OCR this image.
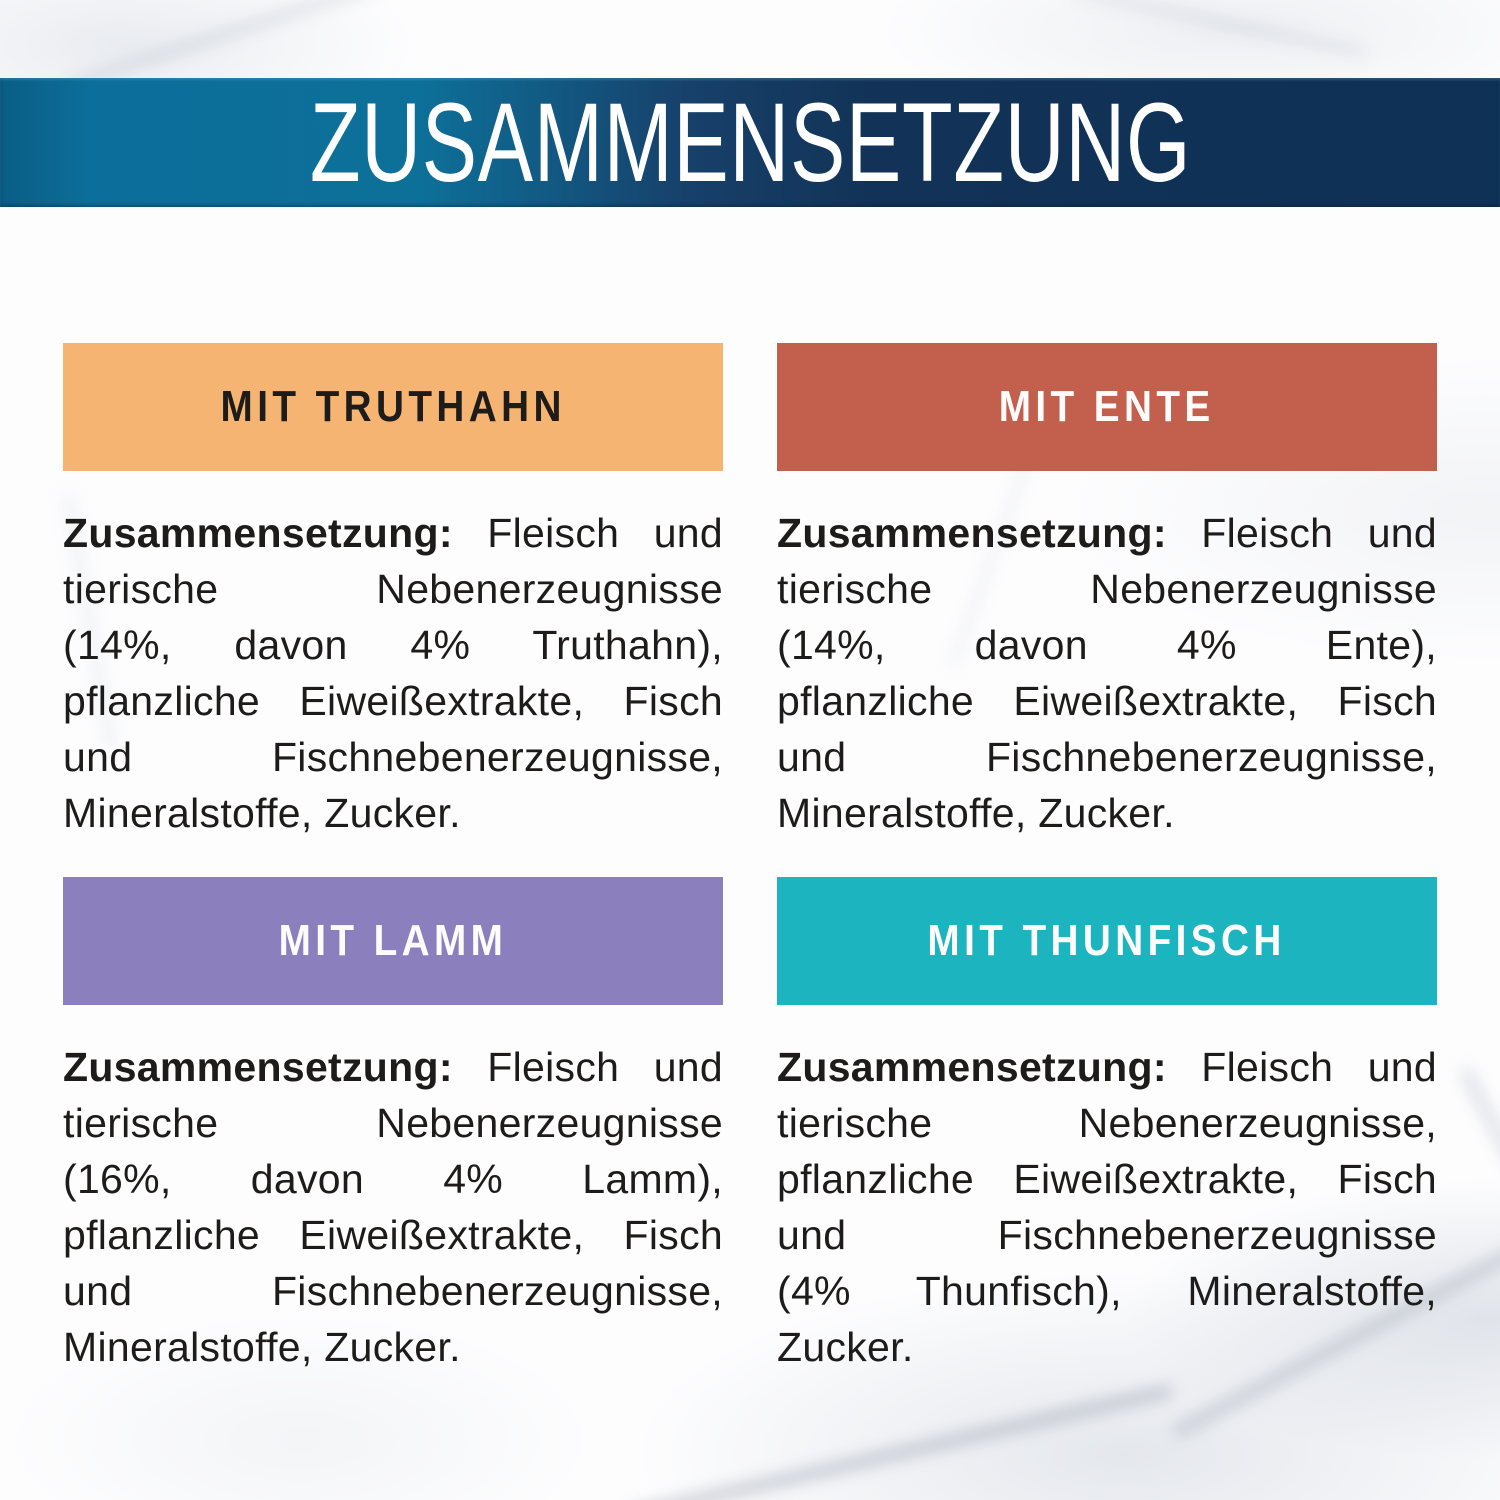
ZUSAMMENSETZUNG
MIT TRUTHAHN
Zusammensetzung: Fleisch und
tierische Nebenerzeugnisse
(14%, davon 4% Truthahn),
pflanzliche Eiweißextrakte, Fisch
und Fischnebenerzeugnisse,
Mineralstoffe, Zucker.
MIT ENTE
Zusammensetzung: Fleisch und
tierische Nebenerzeugnisse
(14%, davon 4% Ente),
pflanzliche Eiweißextrakte, Fisch
und Fischnebenerzeugnisse,
Mineralstoffe, Zucker.
MIT LAMM
Zusammensetzung: Fleisch und
tierische Nebenerzeugnisse
(16%, davon 4% Lamm),
pflanzliche Eiweißextrakte, Fisch
und Fischnebenerzeugnisse,
Mineralstoffe, Zucker.
MIT THUNFISCH
Zusammensetzung: Fleisch und
tierische Nebenerzeugnisse,
pflanzliche Eiweißextrakte, Fisch
und Fischnebenerzeugnisse
(4% Thunfisch), Mineralstoffe,
Zucker.
